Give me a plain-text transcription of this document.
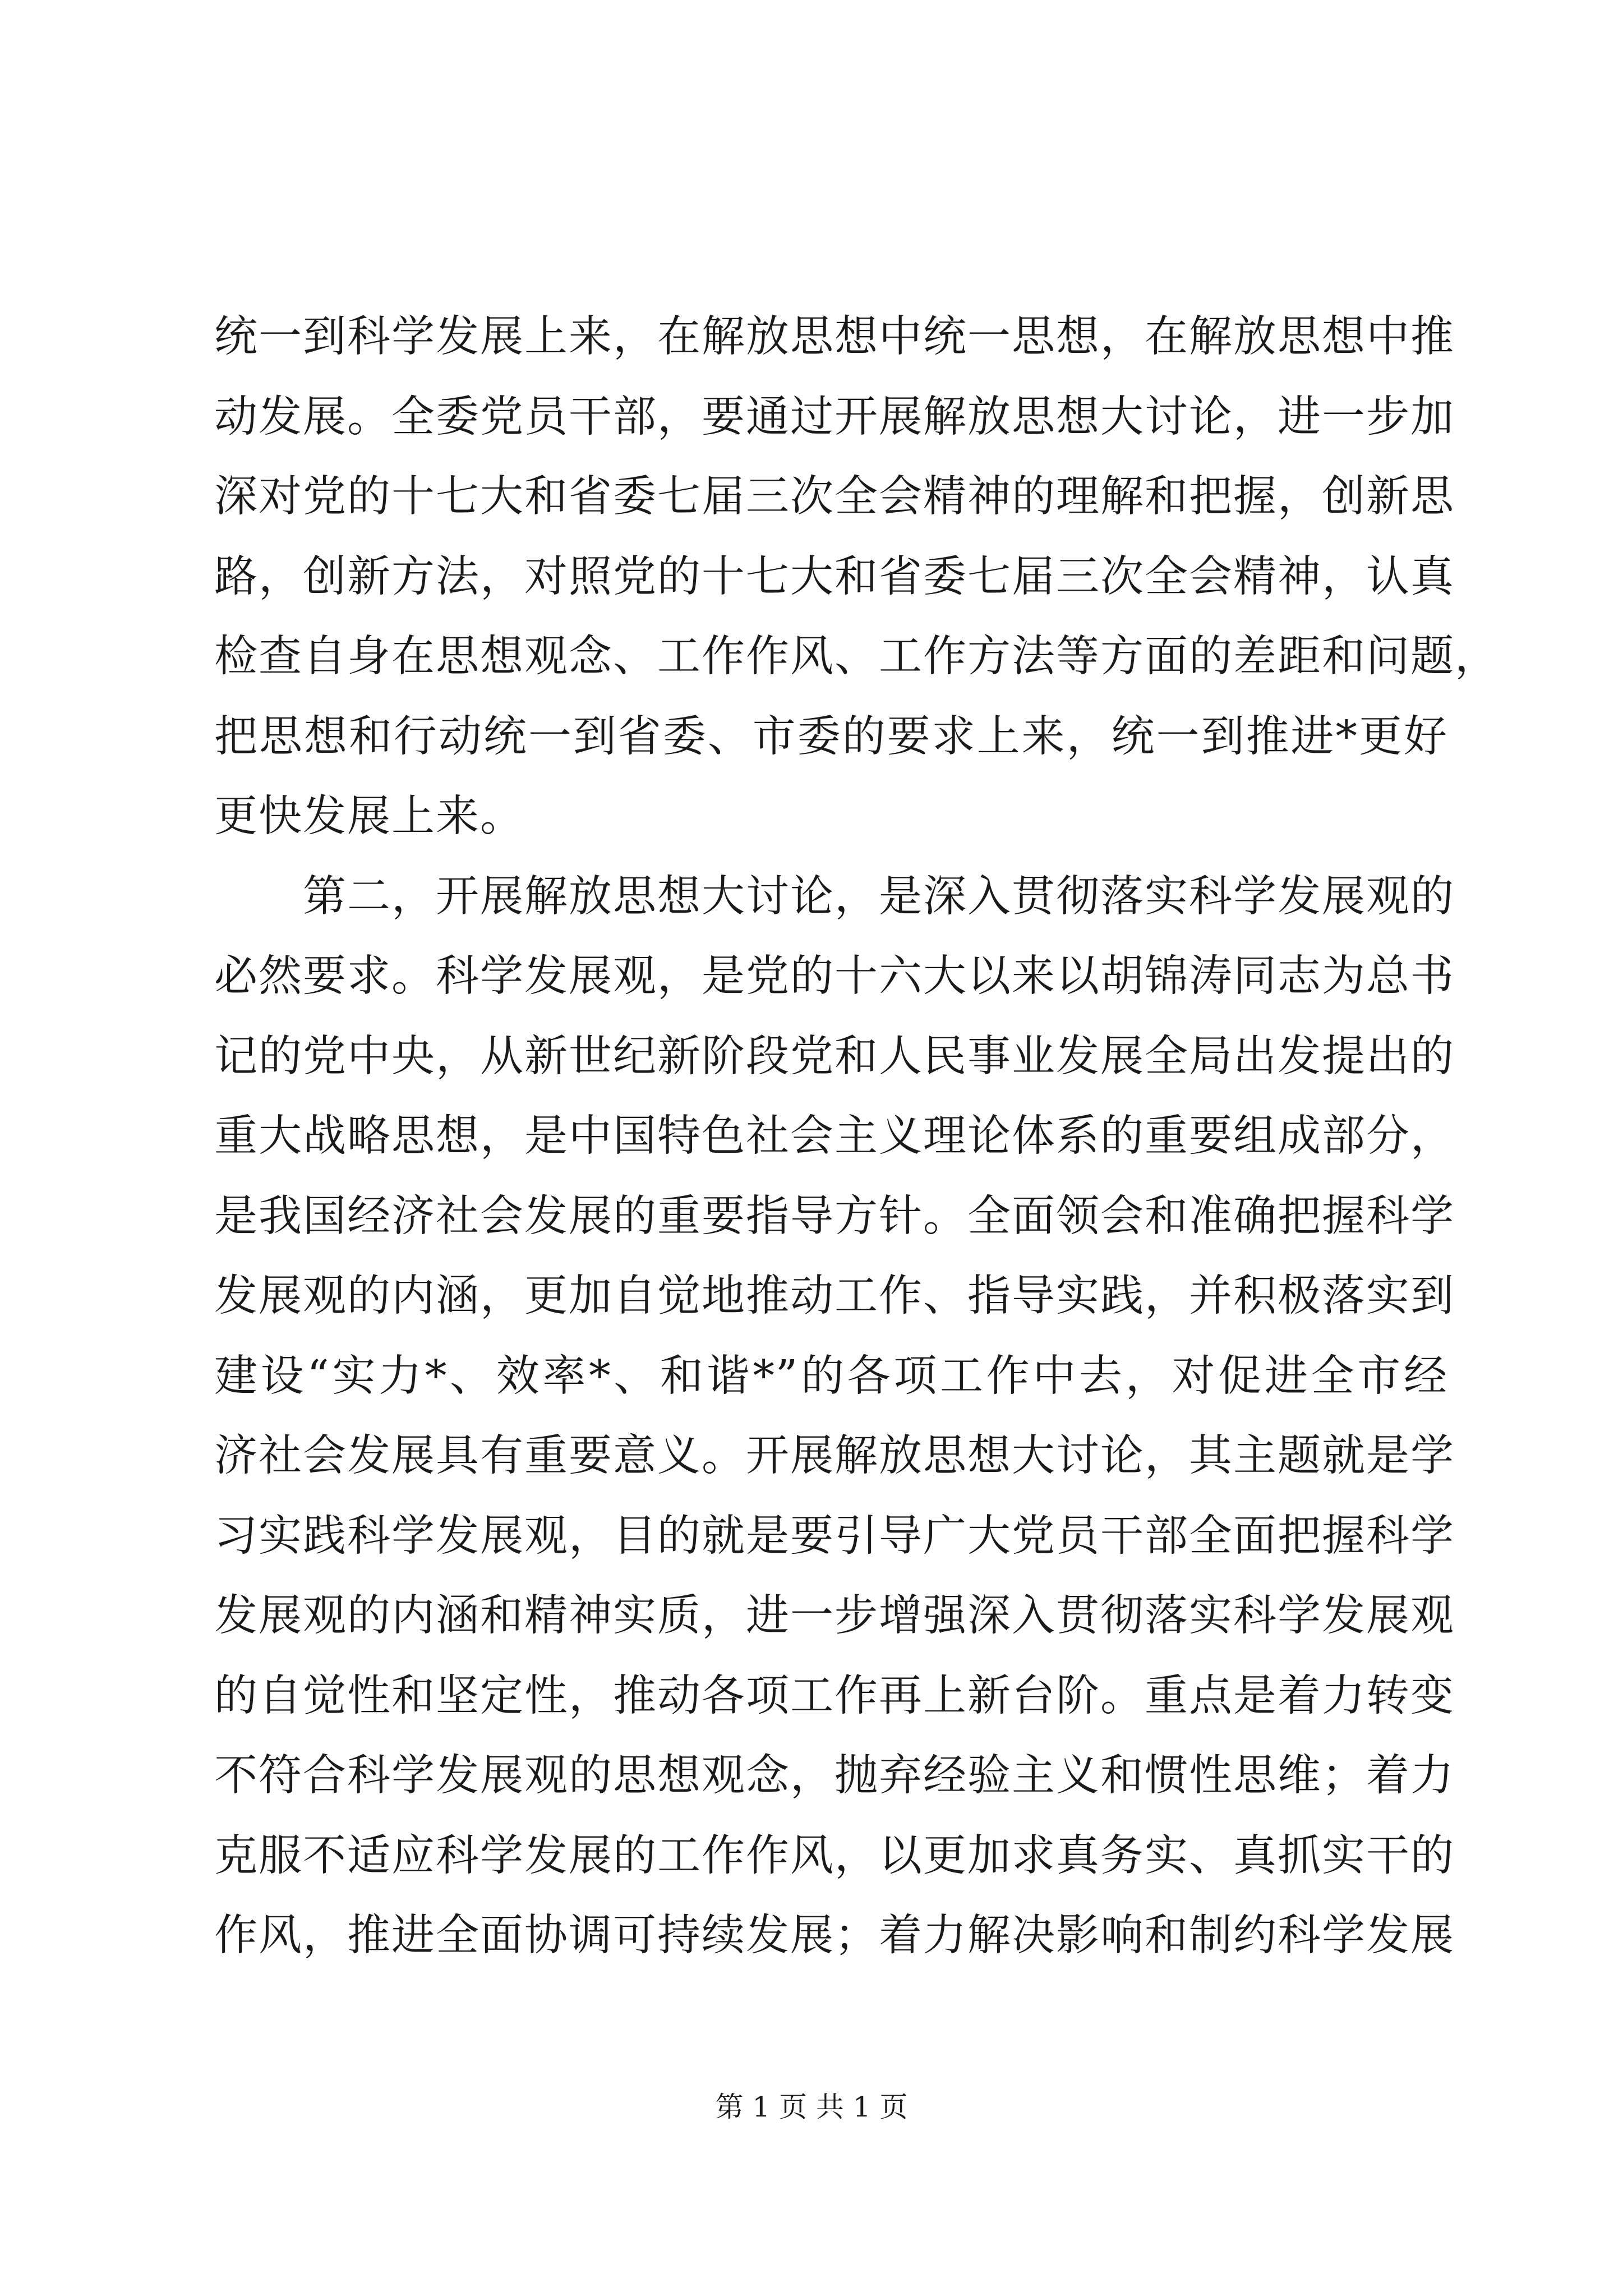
统一到科学发展上来，在解放思想中统一思想，在解放思想中推
动发展。全委党员干部，要通过开展解放思想大讨论，进一步加
深对党的十七大和省委七届三次全会精神的理解和把握，创新思
路，创新方法，对照党的十七大和省委七届三次全会精神，认真
检查自身在思想观念、工作作风、工作方法等方面的差距和问题，
把思想和行动统一到省委、市委的要求上来，统一到推进*更好
更快发展上来。
　　第二，开展解放思想大讨论，是深入贯彻落实科学发展观的
必然要求。科学发展观，是党的十六大以来以胡锦涛同志为总书
记的党中央，从新世纪新阶段党和人民事业发展全局出发提出的
重大战略思想，是中国特色社会主义理论体系的重要组成部分，
是我国经济社会发展的重要指导方针。全面领会和准确把握科学
发展观的内涵，更加自觉地推动工作、指导实践，并积极落实到
建设“实力*、效率*、和谐*”的各项工作中去，对促进全市经
济社会发展具有重要意义。开展解放思想大讨论，其主题就是学
习实践科学发展观，目的就是要引导广大党员干部全面把握科学
发展观的内涵和精神实质，进一步增强深入贯彻落实科学发展观
的自觉性和坚定性，推动各项工作再上新台阶。重点是着力转变
不符合科学发展观的思想观念，抛弃经验主义和惯性思维；着力
克服不适应科学发展的工作作风，以更加求真务实、真抓实干的
作风，推进全面协调可持续发展；着力解决影响和制约科学发展
第 1 页 共 1 页
